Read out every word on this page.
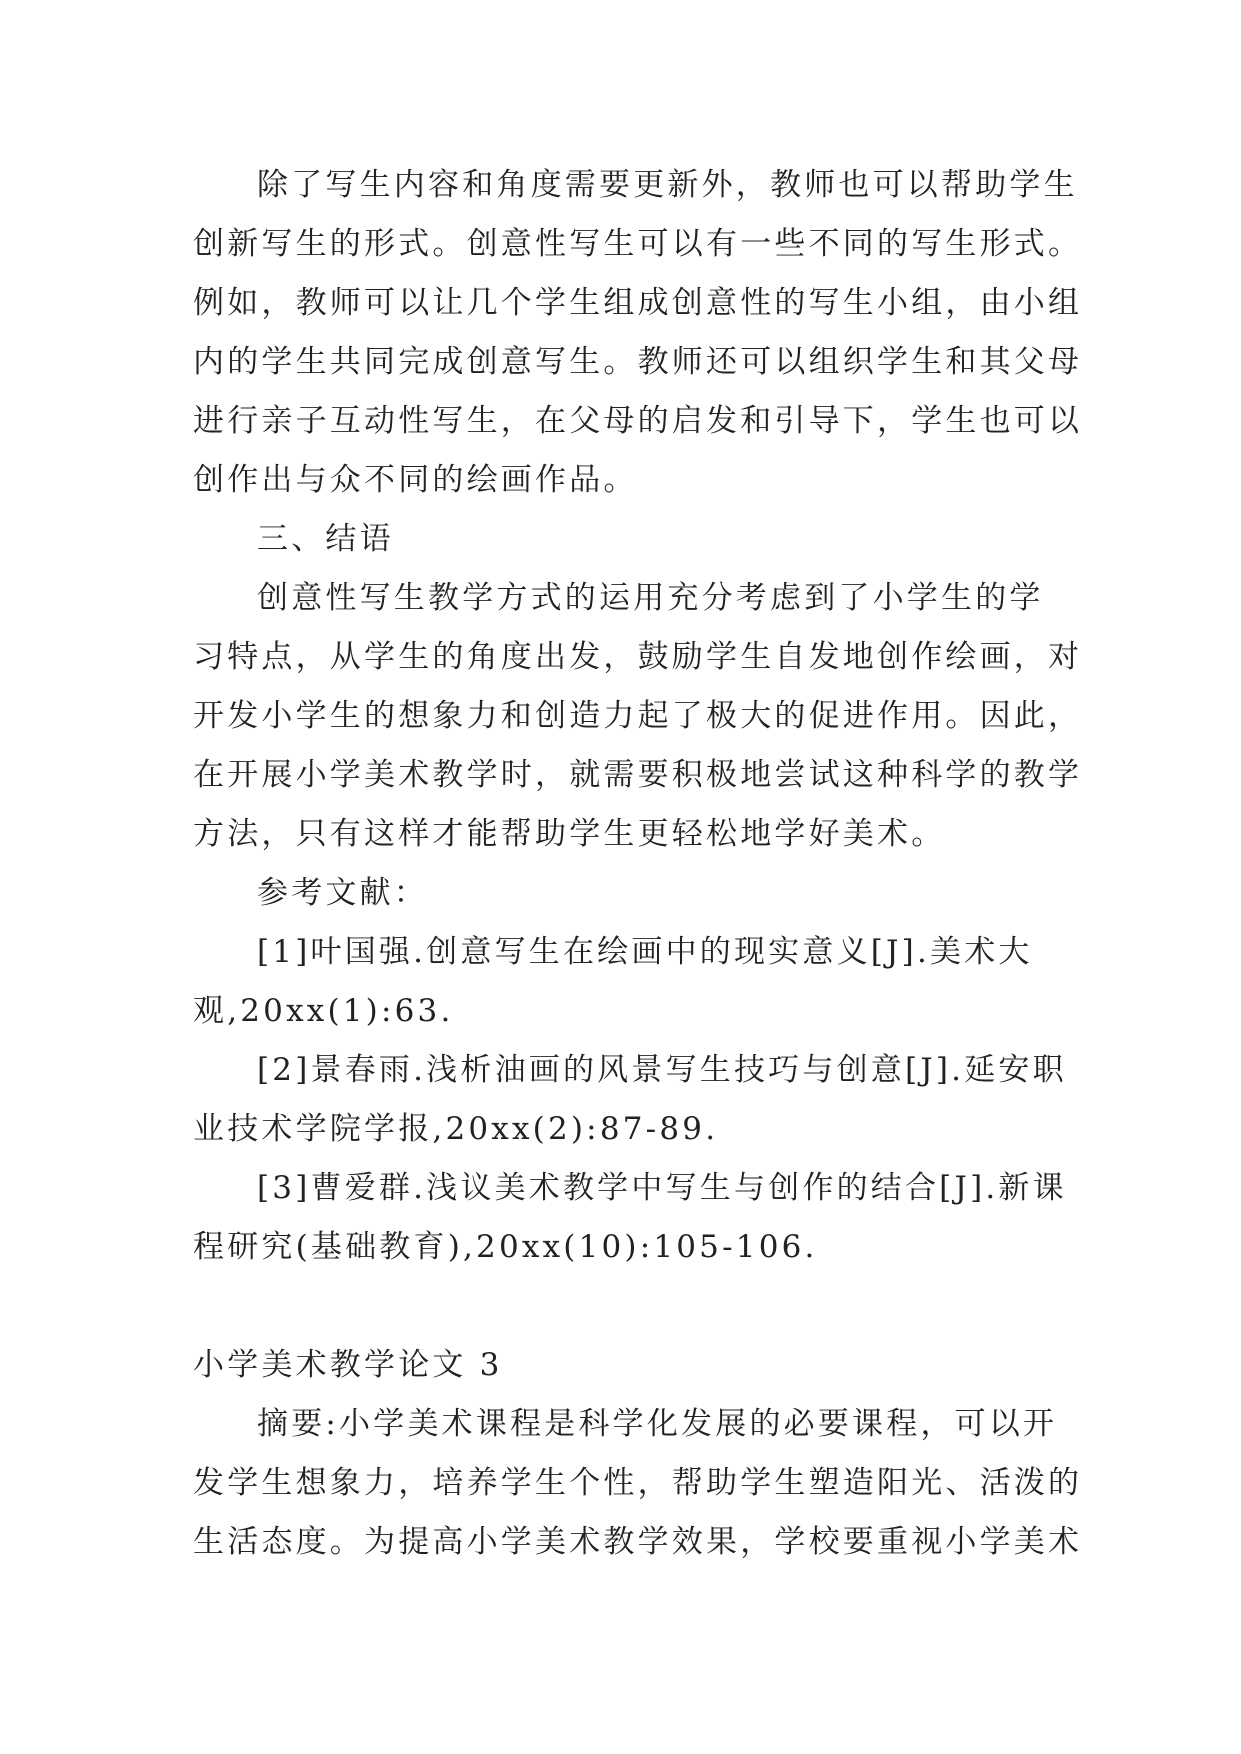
除了写生内容和角度需要更新外，教师也可以帮助学生
创新写生的形式。创意性写生可以有一些不同的写生形式。
例如，教师可以让几个学生组成创意性的写生小组，由小组
内的学生共同完成创意写生。教师还可以组织学生和其父母
进行亲子互动性写生，在父母的启发和引导下，学生也可以
创作出与众不同的绘画作品。
三、结语
创意性写生教学方式的运用充分考虑到了小学生的学
习特点，从学生的角度出发，鼓励学生自发地创作绘画，对
开发小学生的想象力和创造力起了极大的促进作用。因此，
在开展小学美术教学时，就需要积极地尝试这种科学的教学
方法，只有这样才能帮助学生更轻松地学好美术。
参考文献：
[1]叶国强.创意写生在绘画中的现实意义[J].美术大
观,20xx(1):63.
[2]景春雨.浅析油画的风景写生技巧与创意[J].延安职
业技术学院学报,20xx(2):87-89.
[3]曹爱群.浅议美术教学中写生与创作的结合[J].新课
程研究(基础教育),20xx(10):105-106.
小学美术教学论文 3
摘要:小学美术课程是科学化发展的必要课程，可以开
发学生想象力，培养学生个性，帮助学生塑造阳光、活泼的
生活态度。为提高小学美术教学效果，学校要重视小学美术
